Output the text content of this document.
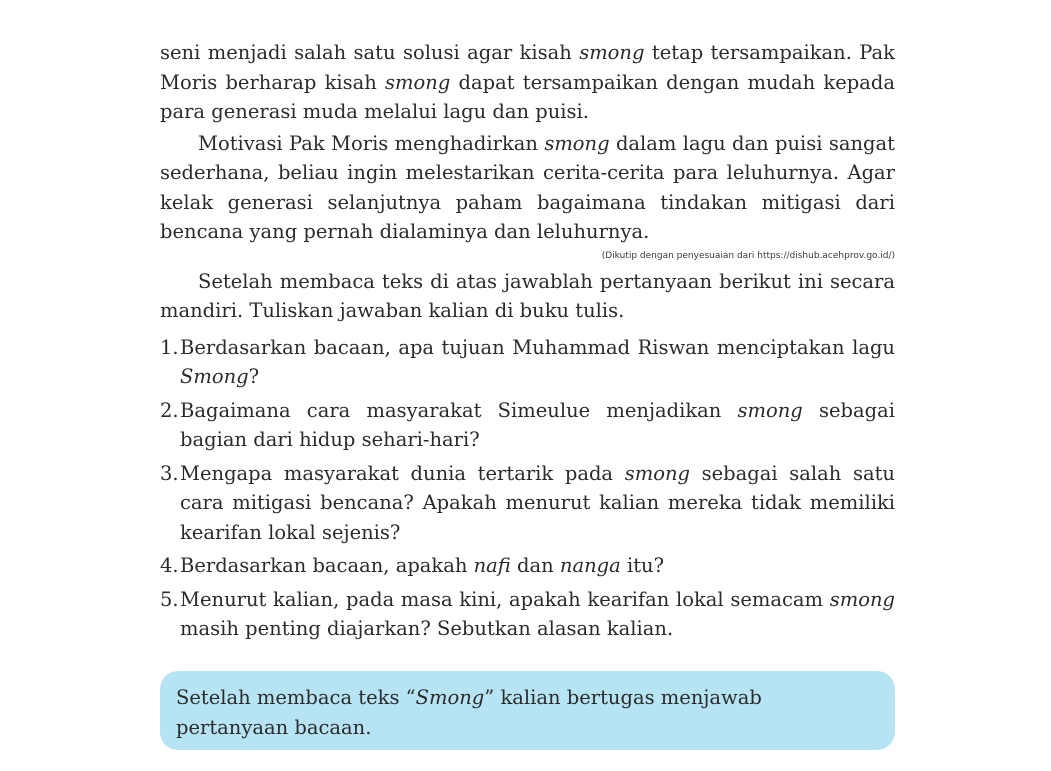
seni menjadi salah satu solusi agar kisah smong tetap tersampaikan. Pak Moris berharap kisah smong dapat tersampaikan dengan mudah kepada para generasi muda melalui lagu dan puisi.

Motivasi Pak Moris menghadirkan smong dalam lagu dan puisi sangat sederhana, beliau ingin melestarikan cerita-cerita para leluhurnya. Agar kelak generasi selanjutnya paham bagaimana tindakan mitigasi dari bencana yang pernah dialaminya dan leluhurnya.

(Dikutip dengan penyesuaian dari https://dishub.acehprov.go.id/)

Setelah membaca teks di atas jawablah pertanyaan berikut ini secara mandiri. Tuliskan jawaban kalian di buku tulis.

1. Berdasarkan bacaan, apa tujuan Muhammad Riswan menciptakan lagu Smong?

2. Bagaimana cara masyarakat Simeulue menjadikan smong sebagai bagian dari hidup sehari-hari?

3. Mengapa masyarakat dunia tertarik pada smong sebagai salah satu cara mitigasi bencana? Apakah menurut kalian mereka tidak memiliki kearifan lokal sejenis?

4. Berdasarkan bacaan, apakah nafi dan nanga itu?

5. Menurut kalian, pada masa kini, apakah kearifan lokal semacam smong masih penting diajarkan? Sebutkan alasan kalian.

Setelah membaca teks “Smong” kalian bertugas menjawab pertanyaan bacaan.
